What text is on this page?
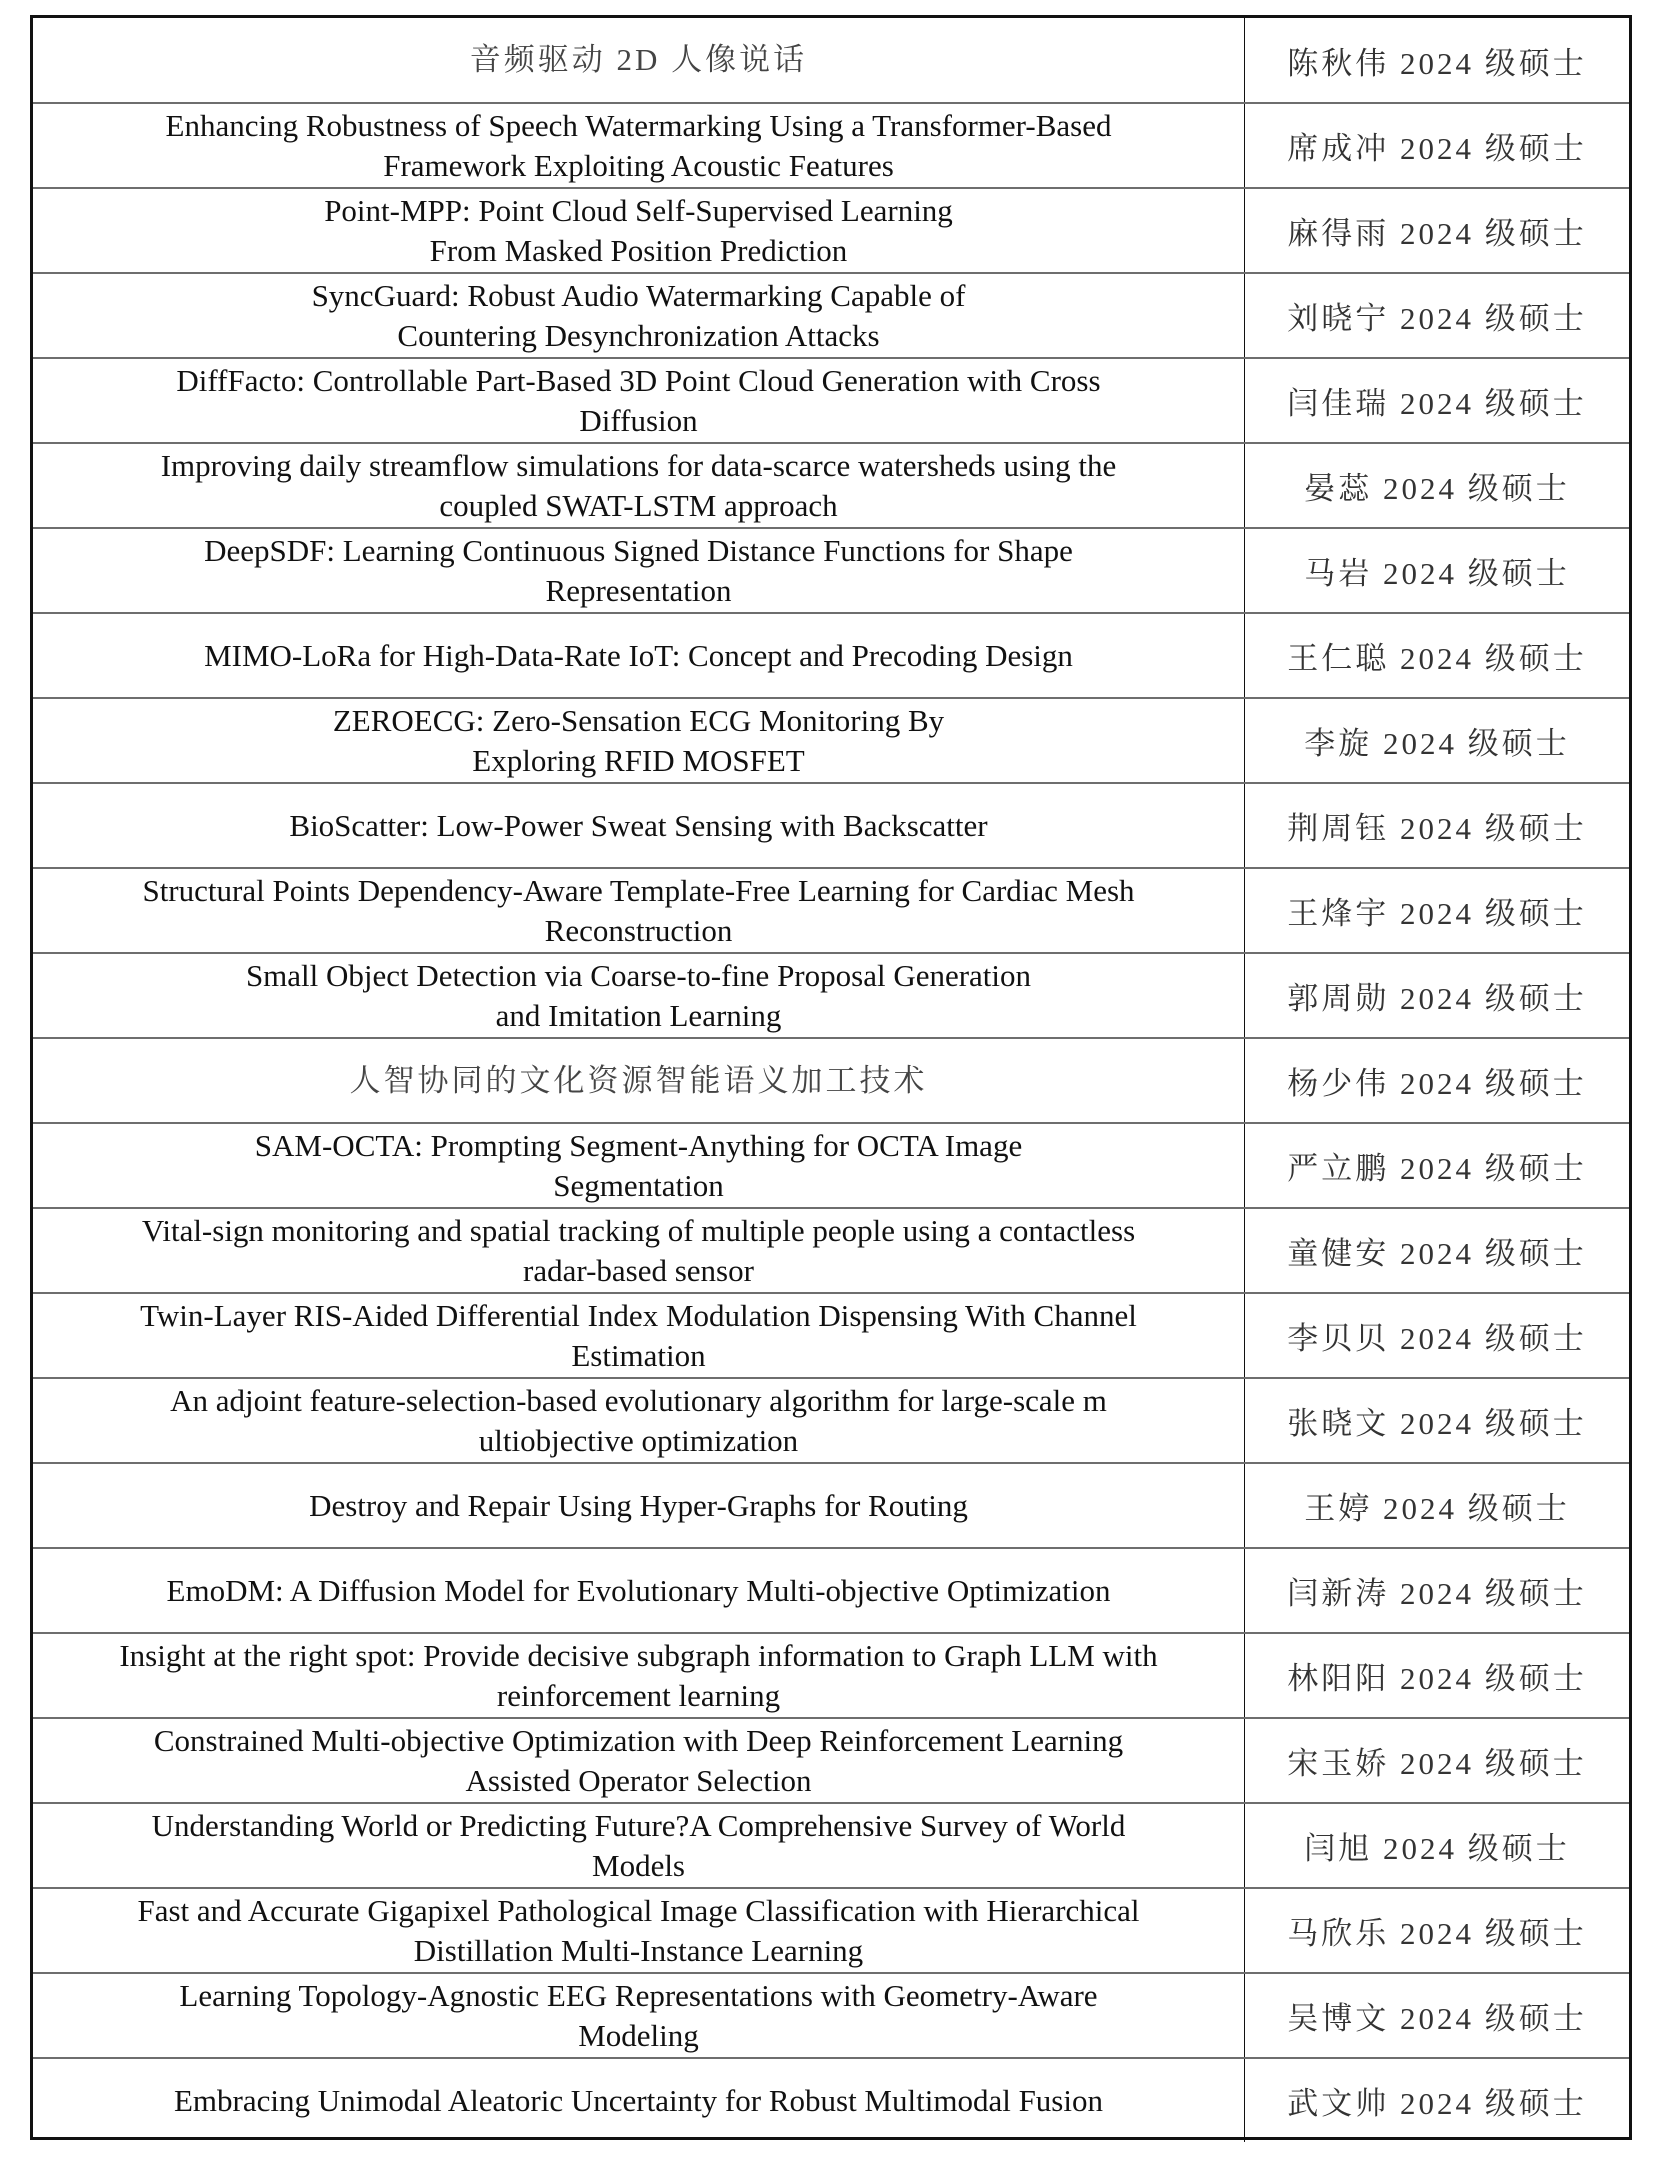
音频驱动 2D 人像说话	陈秋伟 2024 级硕士
Enhancing Robustness of Speech Watermarking Using a Transformer-Based
Framework Exploiting Acoustic Features	席成冲 2024 级硕士
Point-MPP: Point Cloud Self-Supervised Learning
From Masked Position Prediction	麻得雨 2024 级硕士
SyncGuard: Robust Audio Watermarking Capable of
Countering Desynchronization Attacks	刘晓宁 2024 级硕士
DiffFacto: Controllable Part-Based 3D Point Cloud Generation with Cross
Diffusion	闫佳瑞 2024 级硕士
Improving daily streamflow simulations for data-scarce watersheds using the
coupled SWAT-LSTM approach	晏蕊 2024 级硕士
DeepSDF: Learning Continuous Signed Distance Functions for Shape
Representation	马岩 2024 级硕士
MIMO-LoRa for High-Data-Rate IoT: Concept and Precoding Design	王仁聪 2024 级硕士
ZEROECG: Zero-Sensation ECG Monitoring By
Exploring RFID MOSFET	李旋 2024 级硕士
BioScatter: Low-Power Sweat Sensing with Backscatter	荆周钰 2024 级硕士
Structural Points Dependency-Aware Template-Free Learning for Cardiac Mesh
Reconstruction	王烽宇 2024 级硕士
Small Object Detection via Coarse-to-fine Proposal Generation
and Imitation Learning	郭周勋 2024 级硕士
人智协同的文化资源智能语义加工技术	杨少伟 2024 级硕士
SAM-OCTA: Prompting Segment-Anything for OCTA Image
Segmentation	严立鹏 2024 级硕士
Vital-sign monitoring and spatial tracking of multiple people using a contactless
radar-based sensor	童健安 2024 级硕士
Twin-Layer RIS-Aided Differential Index Modulation Dispensing With Channel
Estimation	李贝贝 2024 级硕士
An adjoint feature-selection-based evolutionary algorithm for large-scale m
ultiobjective optimization	张晓文 2024 级硕士
Destroy and Repair Using Hyper-Graphs for Routing	王婷 2024 级硕士
EmoDM: A Diffusion Model for Evolutionary Multi-objective Optimization	闫新涛 2024 级硕士
Insight at the right spot: Provide decisive subgraph information to Graph LLM with
reinforcement learning	林阳阳 2024 级硕士
Constrained Multi-objective Optimization with Deep Reinforcement Learning
Assisted Operator Selection	宋玉娇 2024 级硕士
Understanding World or Predicting Future?A Comprehensive Survey of World
Models	闫旭 2024 级硕士
Fast and Accurate Gigapixel Pathological Image Classification with Hierarchical
Distillation Multi-Instance Learning	马欣乐 2024 级硕士
Learning Topology-Agnostic EEG Representations with Geometry-Aware
Modeling	吴博文 2024 级硕士
Embracing Unimodal Aleatoric Uncertainty for Robust Multimodal Fusion	武文帅 2024 级硕士
